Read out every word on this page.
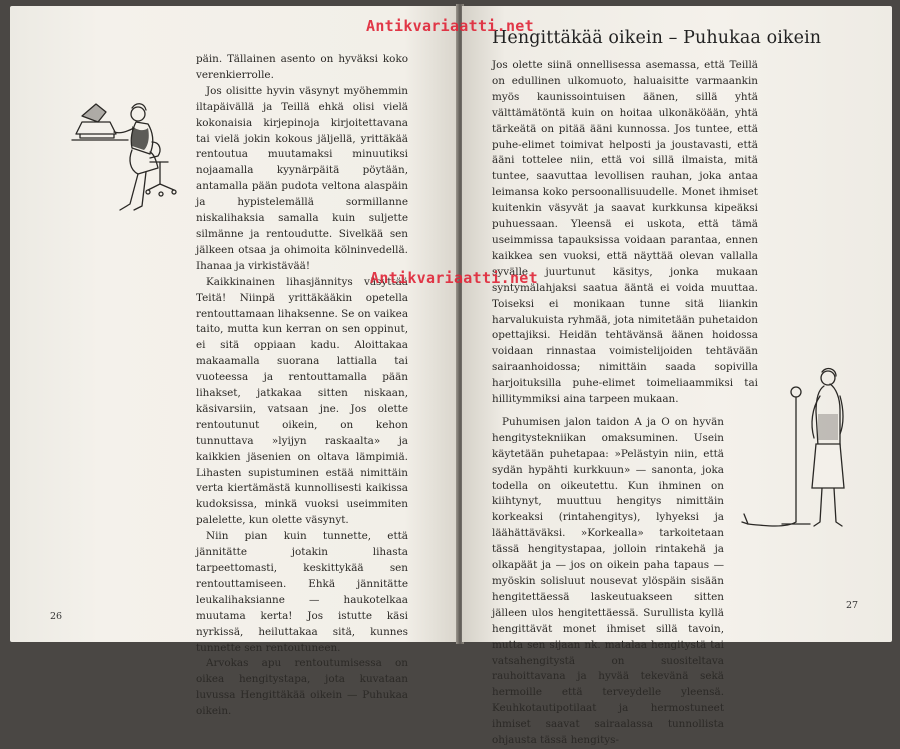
päin. Tällainen asento on hyväksi koko verenkierrolle.

Jos olisitte hyvin väsynyt myöhemmin iltapäivällä ja Teillä ehkä olisi vielä kokonaisia kirjepinoja kirjoitettavana tai vielä jokin kokous jäljellä, yrittäkää rentoutua muutamaksi minuutiksi nojaamalla kyynärpäitä pöytään, antamalla pään pudota veltona alaspäin ja hypistelemällä sormillanne niskalihaksia samalla kuin suljette silmänne ja rentoudutte. Sivelkää sen jälkeen otsaa ja ohimoita kölninvedellä. Ihanaa ja virkistävää!

Kaikkinainen lihasjännitys väsyttää Teitä! Niinpä yrittäkääkin opetella rentouttamaan lihaksenne. Se on vaikea taito, mutta kun kerran on sen oppinut, ei sitä oppiaan kadu. Aloittakaa makaamalla suorana lattialla tai vuoteessa ja rentouttamalla pään lihakset, jatkakaa sitten niskaan, käsivarsiin, vatsaan jne. Jos olette rentoutunut oikein, on kehon tunnuttava »lyijyn raskaalta» ja kaikkien jäsenien on oltava lämpimiä. Lihasten supistuminen estää nimittäin verta kiertämästä kunnollisesti kaikissa kudoksissa, minkä vuoksi useimmiten palelette, kun olette väsynyt.

Niin pian kuin tunnette, että jännitätte jotakin lihasta tarpeettomasti, keskittykää sen rentouttamiseen. Ehkä jännitätte leukalihaksianne — haukotelkaa muutama kerta! Jos istutte käsi nyrkissä, heiluttakaa sitä, kunnes tunnette sen rentoutuneen.

Arvokas apu rentoutumisessa on oikea hengitystapa, jota kuvataan luvussa Hengittäkää oikein — Puhukaa oikein.

26
Hengittäkää oikein – Puhukaa oikein

Jos olette siinä onnellisessa asemassa, että Teillä on edullinen ulkomuoto, haluaisitte varmaankin myös kaunissointuisen äänen, sillä yhtä välttämätöntä kuin on hoitaa ulkonäköään, yhtä tärkeätä on pitää ääni kunnossa. Jos tuntee, että puhe-elimet toimivat helposti ja joustavasti, että ääni tottelee niin, että voi sillä ilmaista, mitä tuntee, saavuttaa levollisen rauhan, joka antaa leimansa koko persoonallisuudelle. Monet ihmiset kuitenkin väsyvät ja saavat kurkkunsa kipeäksi puhuessaan. Yleensä ei uskota, että tämä useimmissa tapauksissa voidaan parantaa, ennen kaikkea sen vuoksi, että näyttää olevan vallalla syvälle juurtunut käsitys, jonka mukaan syntymälahjaksi saatua ääntä ei voida muuttaa. Toiseksi ei monikaan tunne sitä liiankin harvalukuista ryhmää, jota nimitetään puhetaidon opettajiksi. Heidän tehtävänsä äänen hoidossa voidaan rinnastaa voimistelijoiden tehtävään sairaanhoidossa; nimittäin saada sopivilla harjoituksilla puhe-elimet toimeliaammiksi tai hillitymmiksi aina tarpeen mukaan.

Puhumisen jalon taidon A ja O on hyvän hengitystekniikan omaksuminen. Usein käytetään puhetapaa: »Pelästyin niin, että sydän hypähti kurkkuun» — sanonta, joka todella on oikeutettu. Kun ihminen on kiihtynyt, muuttuu hengitys nimittäin korkeaksi (rintahengitys), lyhyeksi ja läähättäväksi. »Korkealla» tarkoitetaan tässä hengitystapaa, jolloin rintakehä ja olkapäät ja — jos on oikein paha tapaus — myöskin solisluut nousevat ylöspäin sisään hengitettäessä laskeutuakseen sitten jälleen ulos hengitettäessä. Surullista kyllä hengittävät monet ihmiset sillä tavoin, mutta sen sijaan nk. matalaa hengitystä tai vatsahengitystä on suositeltava rauhoittavana ja hyvää tekevänä sekä hermoille että terveydelle yleensä. Keuhkotautipotilaat ja hermostuneet ihmiset saavat sairaalassa tunnollista ohjausta tässä hengitys-

27
Antikvariaatti.net
Antikvariaatti.net
